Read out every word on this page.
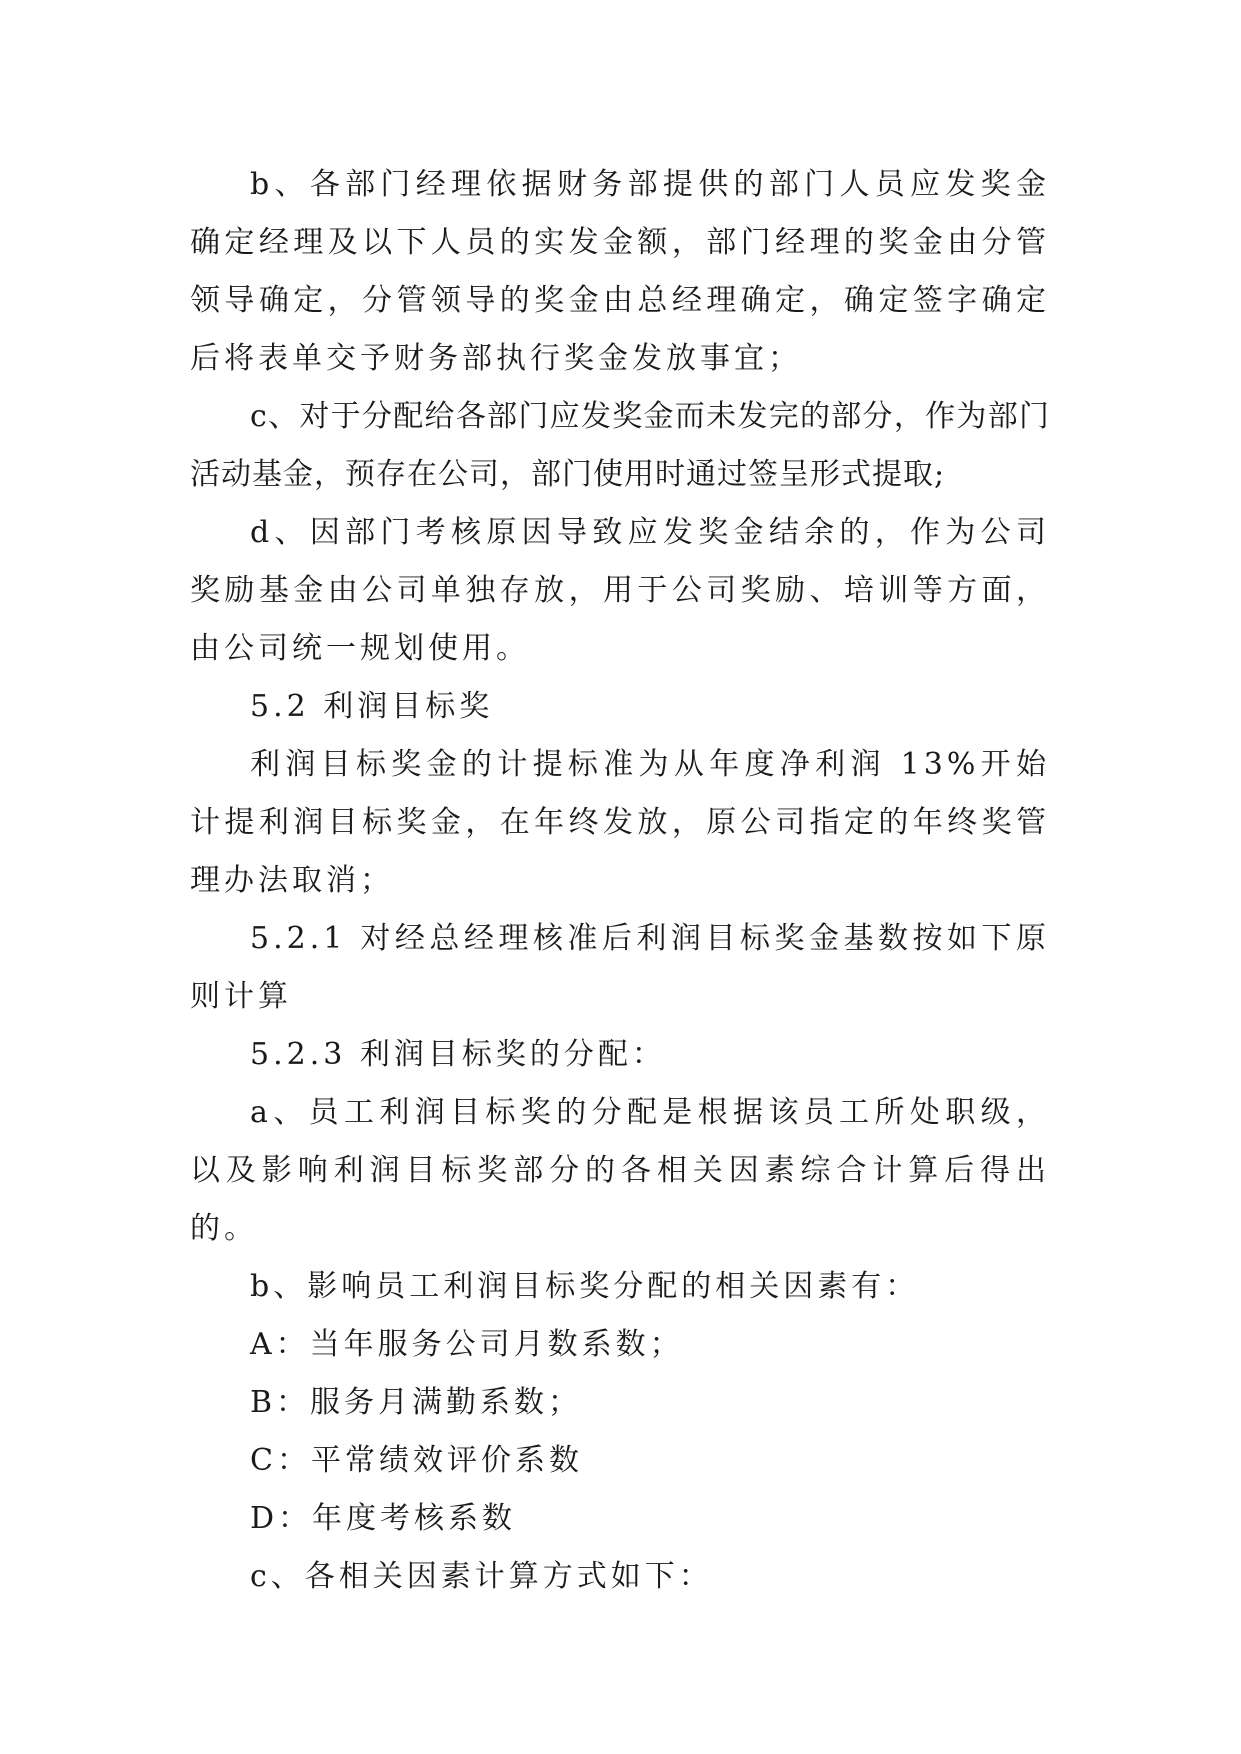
b、各部门经理依据财务部提供的部门人员应发奖金确定经理及以下人员的实发金额，部门经理的奖金由分管领导确定，分管领导的奖金由总经理确定，确定签字确定后将表单交予财务部执行奖金发放事宜；

c、对于分配给各部门应发奖金而未发完的部分，作为部门活动基金，预存在公司，部门使用时通过签呈形式提取;

d、因部门考核原因导致应发奖金结余的，作为公司奖励基金由公司单独存放，用于公司奖励、培训等方面，由公司统一规划使用。

5.2 利润目标奖

利润目标奖金的计提标准为从年度净利润 13%开始计提利润目标奖金，在年终发放，原公司指定的年终奖管理办法取消；

5.2.1 对经总经理核准后利润目标奖金基数按如下原则计算

5.2.3 利润目标奖的分配：

a、员工利润目标奖的分配是根据该员工所处职级，以及影响利润目标奖部分的各相关因素综合计算后得出的。

b、影响员工利润目标奖分配的相关因素有：

A：当年服务公司月数系数；

B：服务月满勤系数；

C：平常绩效评价系数

D：年度考核系数

c、各相关因素计算方式如下：
